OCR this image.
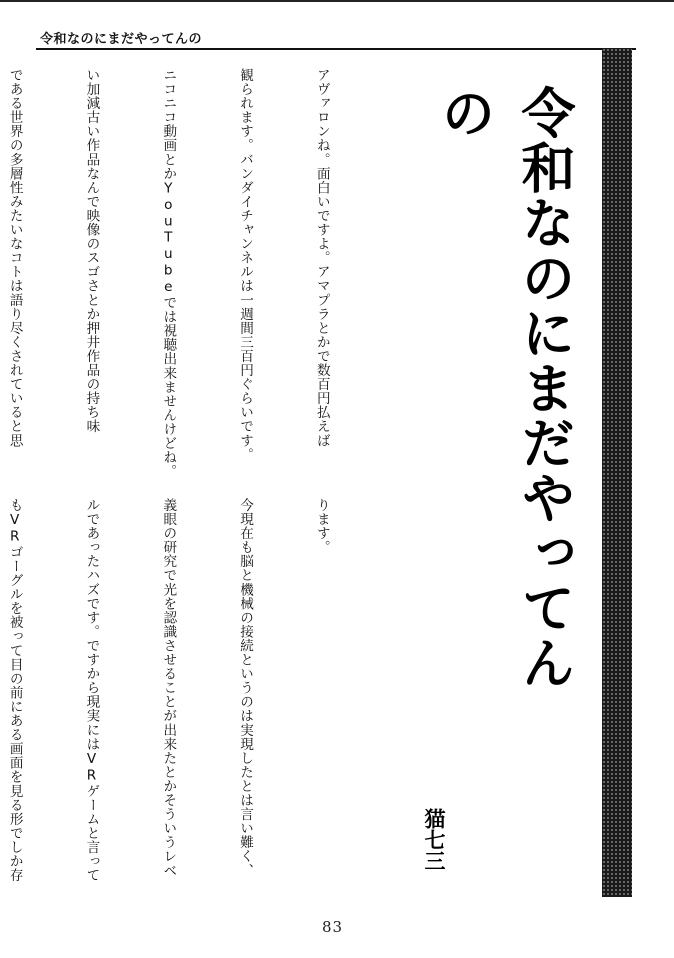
令和なのにまだやってんの
令和なのにまだやってんの
猫七三

アヴァロンね。面白いですよ。アマプラとかで数百円払えば

観られます。バンダイチャンネルは一週間三百円ぐらいです。

ニコニコ動画とかYouTubeでは視聴出来ませんけどね。

い加減古い作品なんで映像のスゴさとか押井作品の持ち味

である世界の多層性みたいなコトは語り尽くされていると思

ります。

今現在も脳と機械の接続というのは実現したとは言い難く、

義眼の研究で光を認識させることが出来たとかそういうレベ

ルであったハズです。ですから現実にはVRゲームと言って

もVRゴーグルを被って目の前にある画面を見る形でしか存

83
